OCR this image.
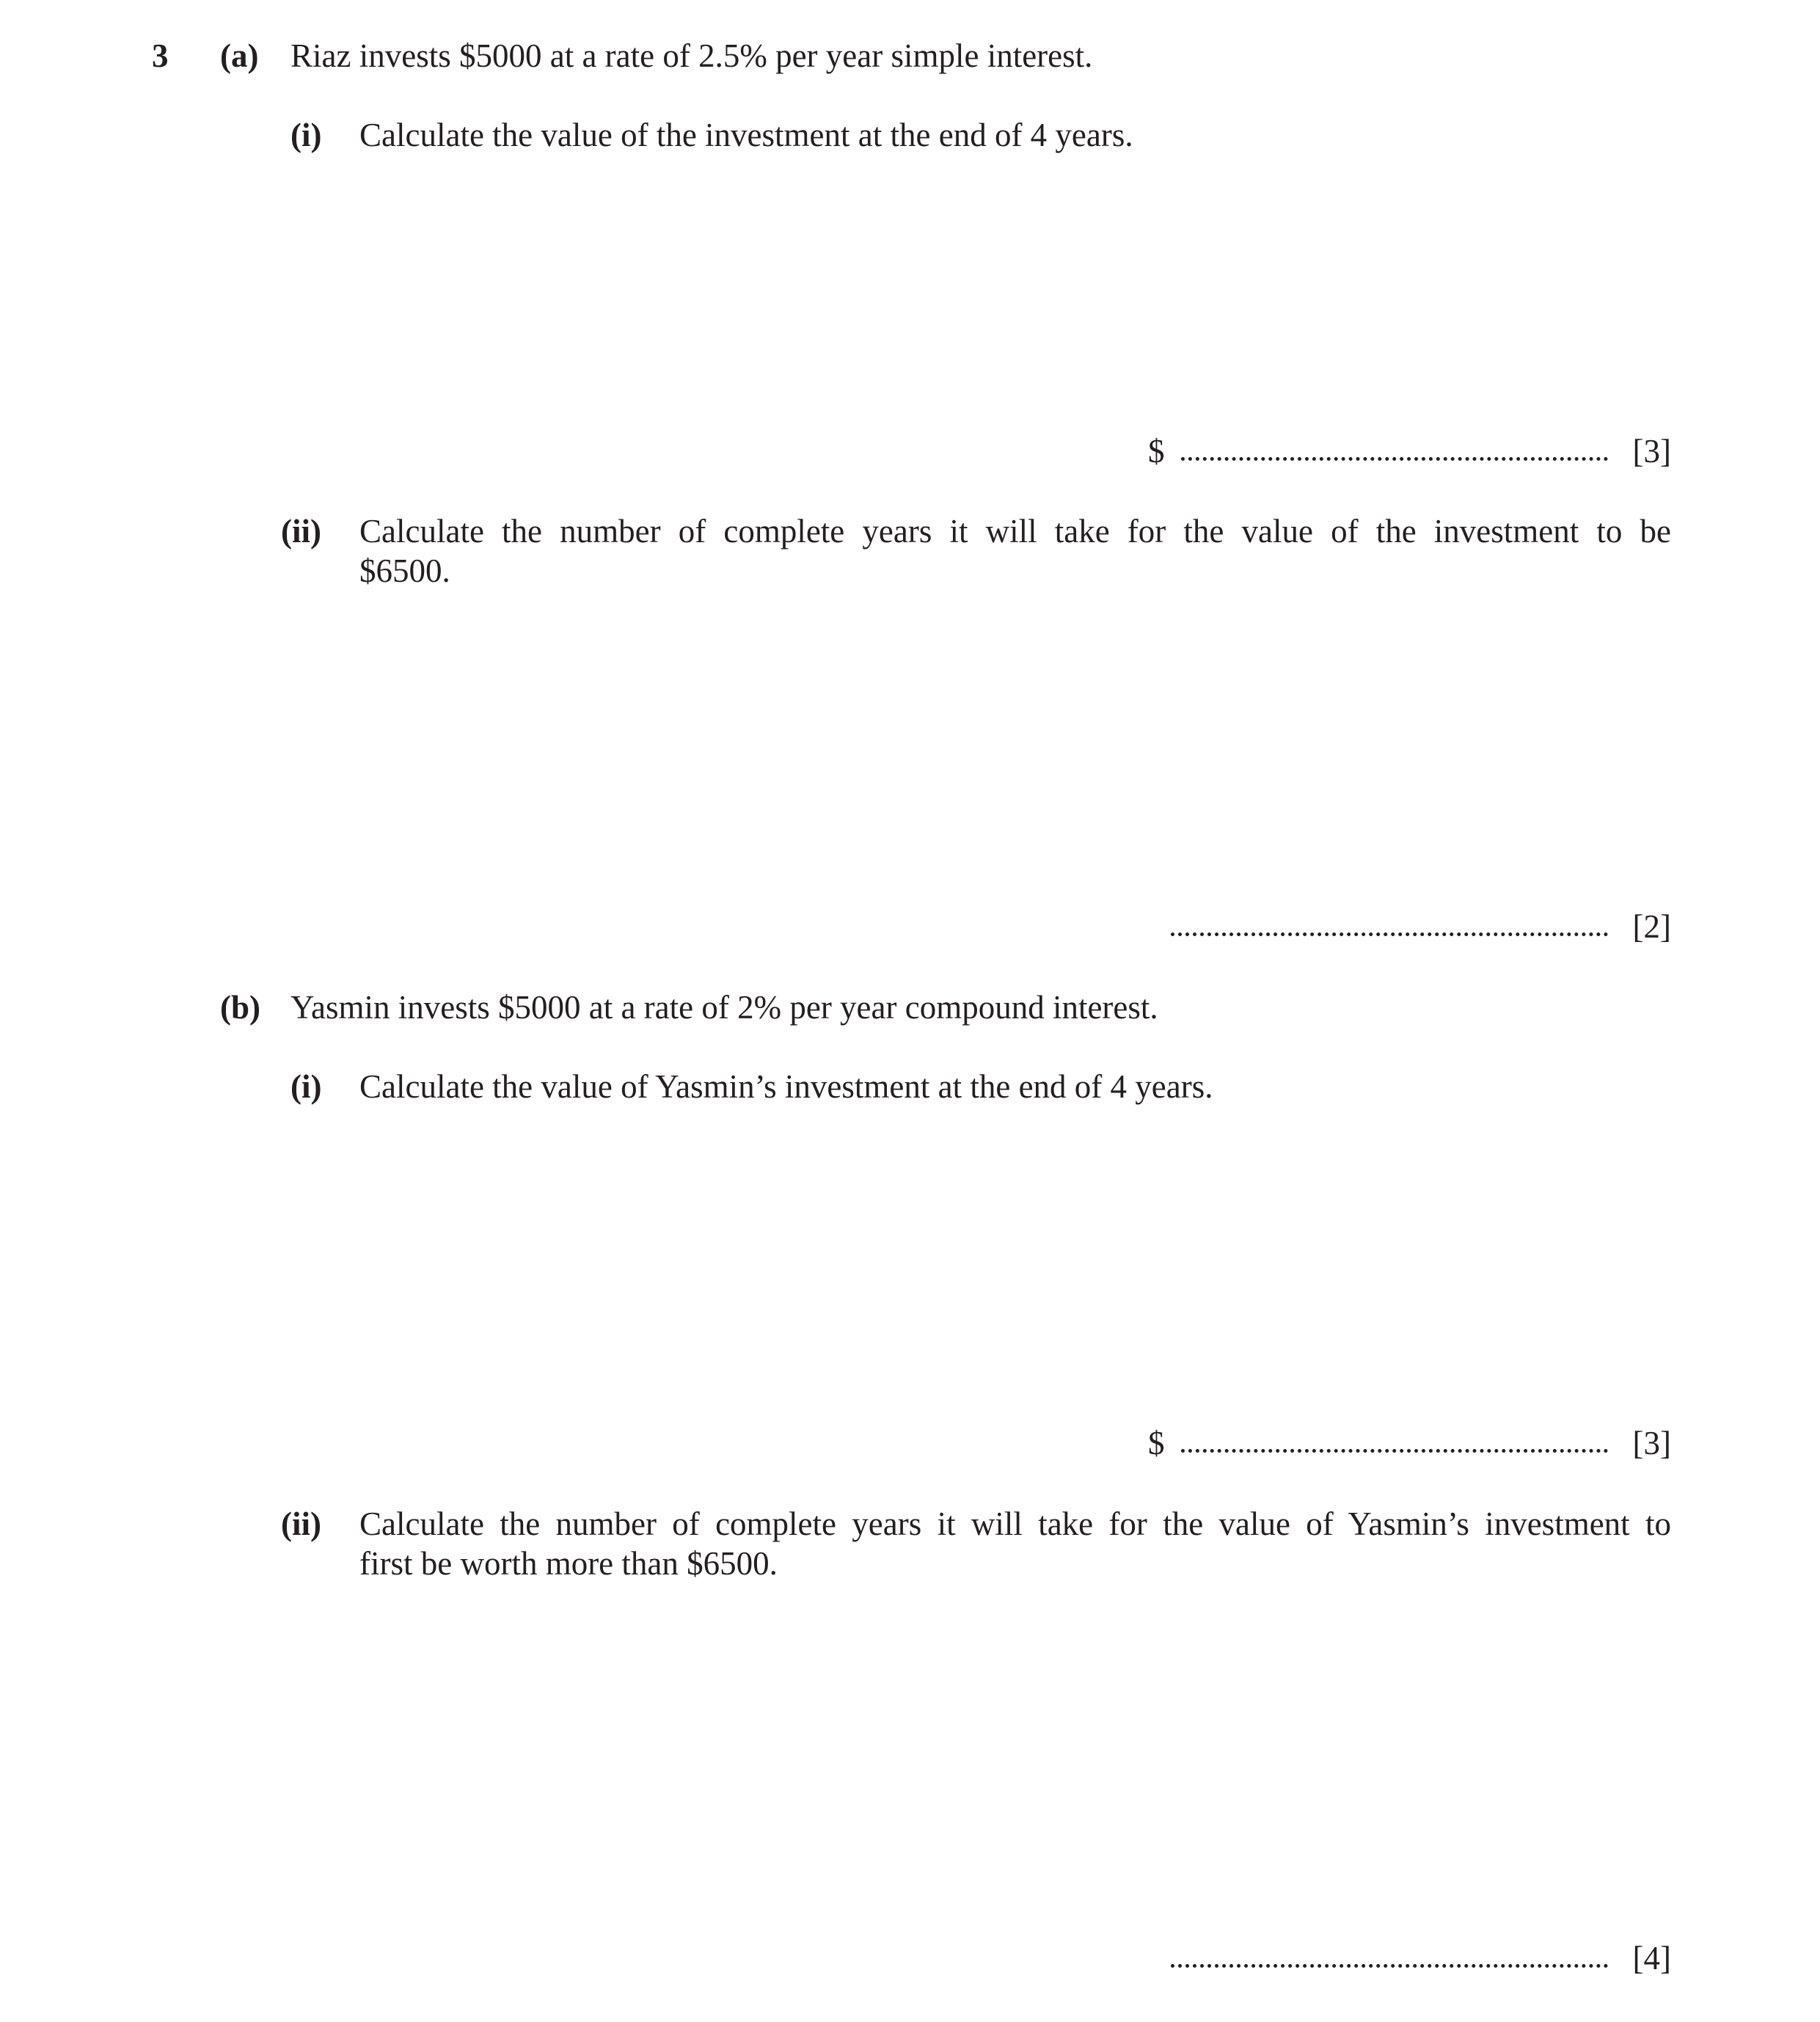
3 (a) Riaz invests $5000 at a rate of 2.5% per year simple interest.
(i) Calculate the value of the investment at the end of 4 years.
$	[3]
(ii) Calculate the number of complete years it will take for the value of the investment to be
$6500.
[2]
(b) Yasmin invests $5000 at a rate of 2% per year compound interest.
(i) Calculate the value of Yasmin’s investment at the end of 4 years.
$	[3]
(ii) Calculate the number of complete years it will take for the value of Yasmin’s investment to
first be worth more than $6500.
[4]
